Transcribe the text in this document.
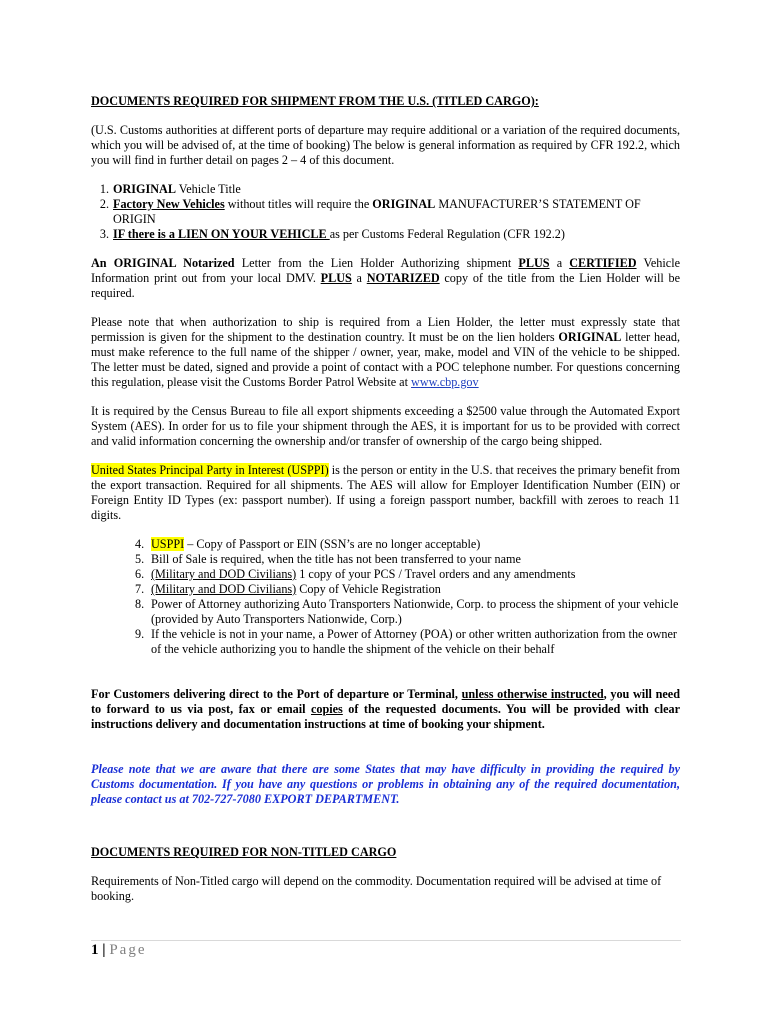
DOCUMENTS REQUIRED FOR SHIPMENT FROM THE U.S. (TITLED CARGO):

(U.S. Customs authorities at different ports of departure may require additional or a variation of the required documents, which you will be advised of, at the time of booking) The below is general information as required by CFR 192.2, which you will find in further detail on pages 2 – 4 of this document.

1. ORIGINAL Vehicle Title
2. Factory New Vehicles without titles will require the ORIGINAL MANUFACTURER’S STATEMENT OF ORIGIN
3. IF there is a LIEN ON YOUR VEHICLE as per Customs Federal Regulation (CFR 192.2)

An ORIGINAL Notarized Letter from the Lien Holder Authorizing shipment PLUS a CERTIFIED Vehicle Information print out from your local DMV. PLUS a NOTARIZED copy of the title from the Lien Holder will be required.

Please note that when authorization to ship is required from a Lien Holder, the letter must expressly state that permission is given for the shipment to the destination country. It must be on the lien holders ORIGINAL letter head, must make reference to the full name of the shipper / owner, year, make, model and VIN of the vehicle to be shipped. The letter must be dated, signed and provide a point of contact with a POC telephone number. For questions concerning this regulation, please visit the Customs Border Patrol Website at www.cbp.gov

It is required by the Census Bureau to file all export shipments exceeding a $2500 value through the Automated Export System (AES). In order for us to file your shipment through the AES, it is important for us to be provided with correct and valid information concerning the ownership and/or transfer of ownership of the cargo being shipped.

United States Principal Party in Interest (USPPI) is the person or entity in the U.S. that receives the primary benefit from the export transaction. Required for all shipments. The AES will allow for Employer Identification Number (EIN) or Foreign Entity ID Types (ex: passport number). If using a foreign passport number, backfill with zeroes to reach 11 digits.

4. USPPI – Copy of Passport or EIN (SSN’s are no longer acceptable)
5. Bill of Sale is required, when the title has not been transferred to your name
6. (Military and DOD Civilians) 1 copy of your PCS / Travel orders and any amendments
7. (Military and DOD Civilians) Copy of Vehicle Registration
8. Power of Attorney authorizing Auto Transporters Nationwide, Corp. to process the shipment of your vehicle (provided by Auto Transporters Nationwide, Corp.)
9. If the vehicle is not in your name, a Power of Attorney (POA) or other written authorization from the owner of the vehicle authorizing you to handle the shipment of the vehicle on their behalf

For Customers delivering direct to the Port of departure or Terminal, unless otherwise instructed, you will need to forward to us via post, fax or email copies of the requested documents. You will be provided with clear instructions delivery and documentation instructions at time of booking your shipment.

Please note that we are aware that there are some States that may have difficulty in providing the required by Customs documentation. If you have any questions or problems in obtaining any of the required documentation, please contact us at 702-727-7080 EXPORT DEPARTMENT.

DOCUMENTS REQUIRED FOR NON-TITLED CARGO

Requirements of Non-Titled cargo will depend on the commodity. Documentation required will be advised at time of booking.

1 | Page
